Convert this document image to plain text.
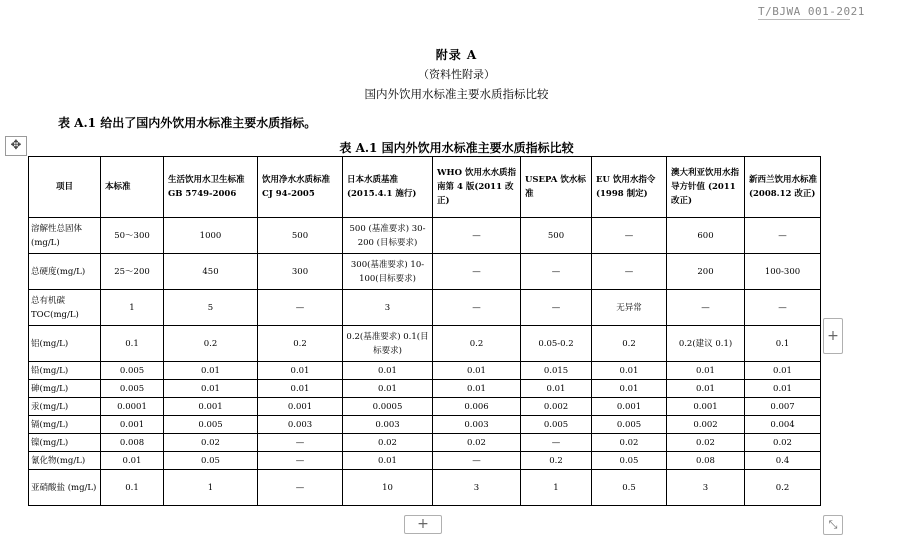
T/BJWA 001-2021
附录 A
（资料性附录）
国内外饮用水标准主要水质指标比较
表 A.1 给出了国内外饮用水标准主要水质指标。
表 A.1 国内外饮用水标准主要水质指标比较
✥
项目	本标准	生活饮用水卫生标准 GB 5749-2006	饮用净水水质标准 CJ 94-2005	日本水质基准 (2015.4.1 施行)	WHO 饮用水水质指南第 4 版(2011 改正)	USEPA 饮水标准	EU 饮用水指令 (1998 制定)	澳大利亚饮用水指导方针值 (2011 改正)	新西兰饮用水标准 (2008.12 改正)
溶解性总固体 (mg/L)	50～300	1000	500	500 (基准要求) 30-200 (目标要求)	—	500	—	600	—
总硬度(mg/L)	25～200	450	300	300(基准要求) 10-100(目标要求)	—	—	—	200	100-300
总有机碳 TOC(mg/L)	1	5	—	3	—	—	无异常	—	—
铝(mg/L)	0.1	0.2	0.2	0.2(基准要求) 0.1(目标要求)	0.2	0.05-0.2	0.2	0.2(建议 0.1)	0.1
铅(mg/L)	0.005	0.01	0.01	0.01	0.01	0.015	0.01	0.01	0.01
砷(mg/L)	0.005	0.01	0.01	0.01	0.01	0.01	0.01	0.01	0.01
汞(mg/L)	0.0001	0.001	0.001	0.0005	0.006	0.002	0.001	0.001	0.007
镉(mg/L)	0.001	0.005	0.003	0.003	0.003	0.005	0.005	0.002	0.004
镍(mg/L)	0.008	0.02	—	0.02	0.02	—	0.02	0.02	0.02
氰化物(mg/L)	0.01	0.05	—	0.01	—	0.2	0.05	0.08	0.4
亚硝酸盐 (mg/L)	0.1	1	—	10	3	1	0.5	3	0.2
+
+	⤡
